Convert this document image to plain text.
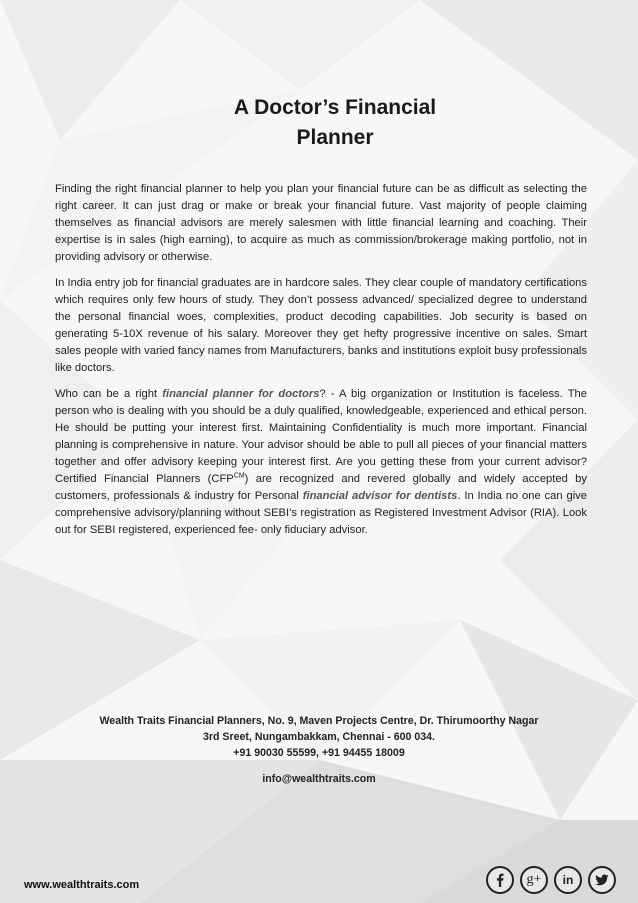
A Doctor’s Financial
Planner

Finding the right financial planner to help you plan your financial future can be as difficult as selecting the right career. It can just drag or make or break your financial future. Vast majority of people claiming themselves as financial advisors are merely salesmen with little financial learning and coaching. Their expertise is in sales (high earning), to acquire as much as commission/brokerage making portfolio, not in providing advisory or otherwise.

In India entry job for financial graduates are in hardcore sales. They clear couple of mandatory certifications which requires only few hours of study. They don’t possess advanced/ specialized degree to understand the personal financial woes, complexities, product decoding capabilities. Job security is based on generating 5-10X revenue of his salary. Moreover they get hefty progressive incentive on sales. Smart sales people with varied fancy names from Manufacturers, banks and institutions exploit busy professionals like doctors.

Who can be a right financial planner for doctors? - A big organization or Institution is faceless. The person who is dealing with you should be a duly qualified, knowledgeable, experienced and ethical person. He should be putting your interest first. Maintaining Confidentiality is much more important. Financial planning is comprehensive in nature. Your advisor should be able to pull all pieces of your financial matters together and offer advisory keeping your interest first. Are you getting these from your current advisor? Certified Financial Planners $(CFP^{CM})$ are recognized and revered globally and widely accepted by customers, professionals & industry for Personal financial advisor for dentists. In India no one can give comprehensive advisory/planning without SEBI’s registration as Registered Investment Advisor (RIA). Look out for SEBI registered, experienced fee- only fiduciary advisor.

Wealth Traits Financial Planners, No. 9, Maven Projects Centre, Dr. Thirumoorthy Nagar
3rd Sreet, Nungambakkam, Chennai - 600 034.
+91 90030 55599, +91 94455 18009
info@wealthtraits.com
www.wealthtraits.com	g+ in
